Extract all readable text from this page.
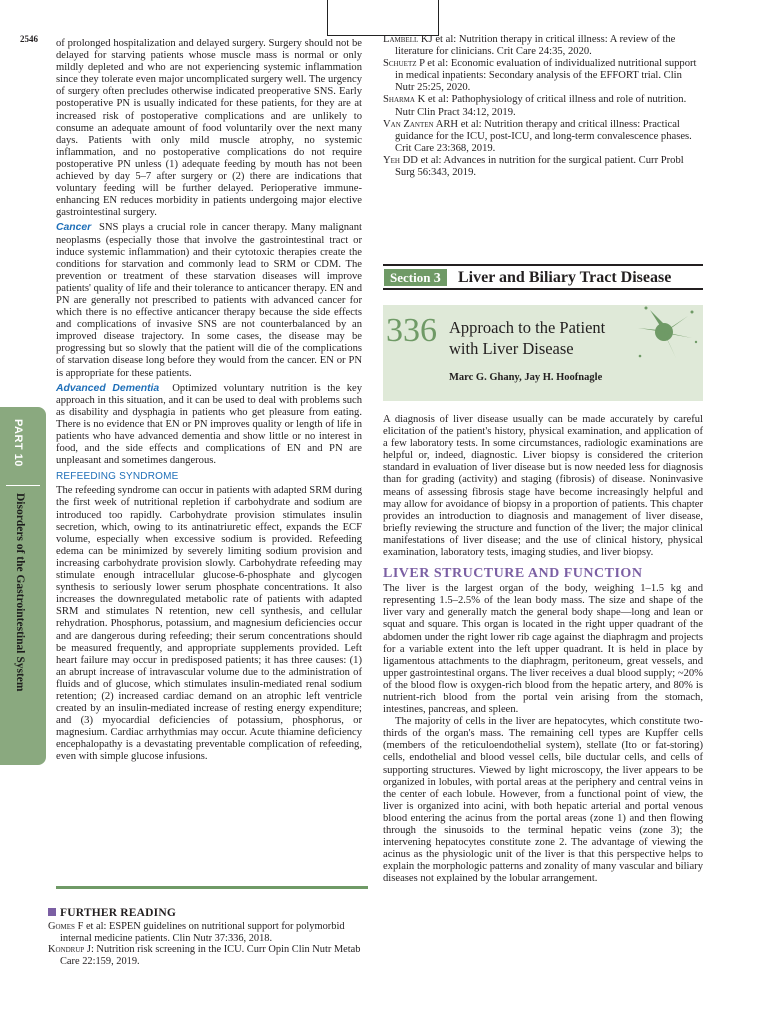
2546
PART 10
Disorders of the Gastrointestinal System

of prolonged hospitalization and delayed surgery. Surgery should not be delayed for starving patients whose muscle mass is normal or only mildly depleted and who are not experiencing systemic inflammation since they tolerate even major uncomplicated surgery well. The urgency of surgery often precludes otherwise indicated preoperative SNS. Early postoperative PN is usually indicated for these patients, for they are at increased risk of postoperative complications and are unlikely to consume an adequate amount of food voluntarily over the next many days. Patients with only mild muscle atrophy, no systemic inflammation, and no postoperative complications do not require postoperative PN unless (1) adequate feeding by mouth has not been achieved by day 5–7 after surgery or (2) there are indications that voluntary feeding will be further delayed. Perioperative immune-enhancing EN reduces morbidity in patients undergoing major elective gastrointestinal surgery.

Cancer SNS plays a crucial role in cancer therapy. Many malignant neoplasms (especially those that involve the gastrointestinal tract or induce systemic inflammation) and their cytotoxic therapies create the conditions for starvation and commonly lead to SRM or CDM. The prevention or treatment of these starvation diseases will improve patients' quality of life and their tolerance to anticancer therapy. EN and PN are generally not prescribed to patients with advanced cancer for which there is no effective anticancer therapy because the side effects and complications of invasive SNS are not counterbalanced by an improved disease trajectory. In some cases, the disease may be progressing but so slowly that the patient will die of the complications of starvation disease long before they would from the cancer. EN or PN is appropriate for these patients.

Advanced Dementia Optimized voluntary nutrition is the key approach in this situation, and it can be used to deal with problems such as disability and dysphagia in patients who get pleasure from eating. There is no evidence that EN or PN improves quality or length of life in patients who have advanced dementia and show little or no interest in food, and the side effects and complications of EN and PN are unpleasant and sometimes dangerous.

REFEEDING SYNDROME

The refeeding syndrome can occur in patients with adapted SRM during the first week of nutritional repletion if carbohydrate and sodium are introduced too rapidly. Carbohydrate provision stimulates insulin secretion, which, owing to its antinatriuretic effect, expands the ECF volume, especially when excessive sodium is provided. Refeeding edema can be minimized by severely limiting sodium provision and increasing carbohydrate provision slowly. Carbohydrate refeeding may stimulate enough intracellular glucose-6-phosphate and glycogen synthesis to seriously lower serum phosphate concentrations. It also increases the downregulated metabolic rate of patients with adapted SRM and stimulates N retention, new cell synthesis, and cellular rehydration. Phosphorus, potassium, and magnesium deficiencies occur and are dangerous during refeeding; their serum concentrations should be measured frequently, and appropriate supplements provided. Left heart failure may occur in predisposed patients; it has three causes: (1) an abrupt increase of intravascular volume due to the administration of fluids and of glucose, which stimulates insulin-mediated renal sodium retention; (2) increased cardiac demand on an atrophic left ventricle created by an insulin-mediated increase of resting energy expenditure; and (3) myocardial deficiencies of potassium, phosphorus, or magnesium. Cardiac arrhythmias may occur. Acute thiamine deficiency encephalopathy is a devastating preventable complication of refeeding, even with simple glucose infusions.

FURTHER READING

Gomes F et al: ESPEN guidelines on nutritional support for polymorbid internal medicine patients. Clin Nutr 37:336, 2018.

Kondrup J: Nutrition risk screening in the ICU. Curr Opin Clin Nutr Metab Care 22:159, 2019.

Lambell KJ et al: Nutrition therapy in critical illness: A review of the literature for clinicians. Crit Care 24:35, 2020.

Schuetz P et al: Economic evaluation of individualized nutritional support in medical inpatients: Secondary analysis of the EFFORT trial. Clin Nutr 25:25, 2020.

Sharma K et al: Pathophysiology of critical illness and role of nutrition. Nutr Clin Pract 34:12, 2019.

Van Zanten ARH et al: Nutrition therapy and critical illness: Practical guidance for the ICU, post-ICU, and long-term convalescence phases. Crit Care 23:368, 2019.

Yeh DD et al: Advances in nutrition for the surgical patient. Curr Probl Surg 56:343, 2019.

Section 3	Liver and Biliary Tract Disease
336 Approach to the Patient
with Liver Disease
Marc G. Ghany, Jay H. Hoofnagle

A diagnosis of liver disease usually can be made accurately by careful elicitation of the patient's history, physical examination, and application of a few laboratory tests. In some circumstances, radiologic examinations are helpful or, indeed, diagnostic. Liver biopsy is considered the criterion standard in evaluation of liver disease but is now needed less for diagnosis than for grading (activity) and staging (fibrosis) of disease. Noninvasive means of assessing fibrosis stage have become increasingly helpful and may allow for avoidance of biopsy in a proportion of patients. This chapter provides an introduction to diagnosis and management of liver disease, briefly reviewing the structure and function of the liver; the major clinical manifestations of liver disease; and the use of clinical history, physical examination, laboratory tests, imaging studies, and liver biopsy.

LIVER STRUCTURE AND FUNCTION

The liver is the largest organ of the body, weighing 1–1.5 kg and representing 1.5–2.5% of the lean body mass. The size and shape of the liver vary and generally match the general body shape—long and lean or squat and square. This organ is located in the right upper quadrant of the abdomen under the right lower rib cage against the diaphragm and projects for a variable extent into the left upper quadrant. It is held in place by ligamentous attachments to the diaphragm, peritoneum, great vessels, and upper gastrointestinal organs. The liver receives a dual blood supply; ~20% of the blood flow is oxygen-rich blood from the hepatic artery, and 80% is nutrient-rich blood from the portal vein arising from the stomach, intestines, pancreas, and spleen.

The majority of cells in the liver are hepatocytes, which constitute two-thirds of the organ's mass. The remaining cell types are Kupffer cells (members of the reticuloendothelial system), stellate (Ito or fat-storing) cells, endothelial and blood vessel cells, bile ductular cells, and cells of supporting structures. Viewed by light microscopy, the liver appears to be organized in lobules, with portal areas at the periphery and central veins in the center of each lobule. However, from a functional point of view, the liver is organized into acini, with both hepatic arterial and portal venous blood entering the acinus from the portal areas (zone 1) and then flowing through the sinusoids to the terminal hepatic veins (zone 3); the intervening hepatocytes constitute zone 2. The advantage of viewing the acinus as the physiologic unit of the liver is that this perspective helps to explain the morphologic patterns and zonality of many vascular and biliary diseases not explained by the lobular arrangement.
